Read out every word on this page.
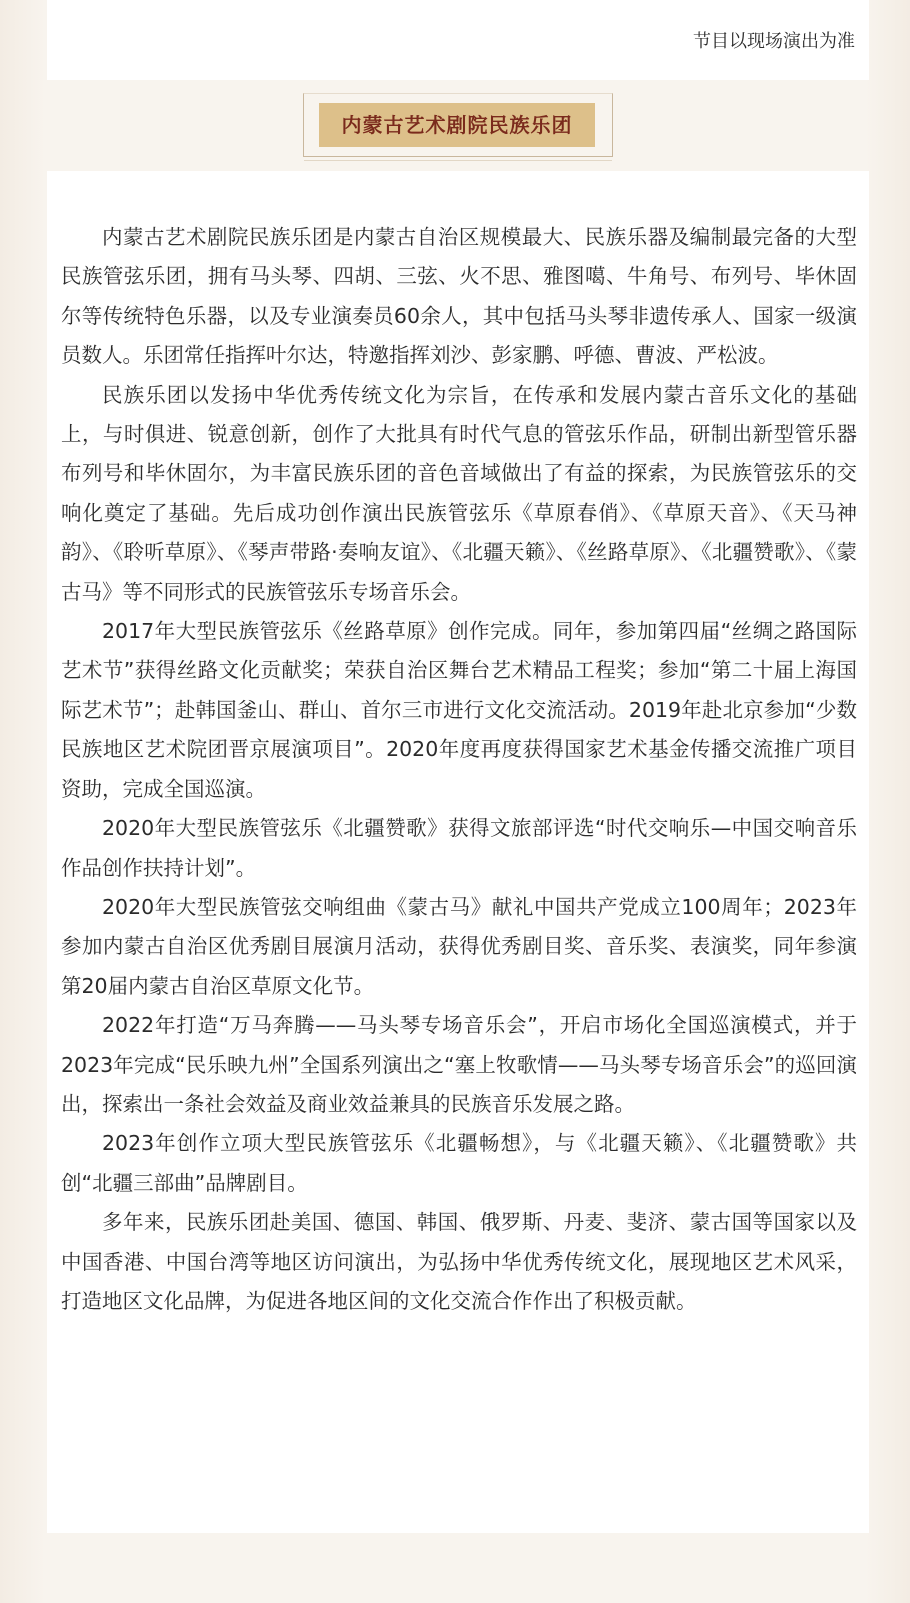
节目以现场演出为准
内蒙古艺术剧院民族乐团

内蒙古艺术剧院民族乐团是内蒙古自治区规模最大、民族乐器及编制最完备的大型民族管弦乐团，拥有马头琴、四胡、三弦、火不思、雅图噶、牛角号、布列号、毕休固尔等传统特色乐器，以及专业演奏员60余人，其中包括马头琴非遗传承人、国家一级演员数人。乐团常任指挥叶尔达，特邀指挥刘沙、彭家鹏、呼德、曹波、严松波。

民族乐团以发扬中华优秀传统文化为宗旨，在传承和发展内蒙古音乐文化的基础上，与时俱进、锐意创新，创作了大批具有时代气息的管弦乐作品，研制出新型管乐器布列号和毕休固尔，为丰富民族乐团的音色音域做出了有益的探索，为民族管弦乐的交响化奠定了基础。先后成功创作演出民族管弦乐《草原春俏》、《草原天音》、《天马神韵》、《聆听草原》、《琴声带路·奏响友谊》、《北疆天籁》、《丝路草原》、《北疆赞歌》、《蒙古马》等不同形式的民族管弦乐专场音乐会。

2017年大型民族管弦乐《丝路草原》创作完成。同年，参加第四届“丝绸之路国际艺术节”获得丝路文化贡献奖；荣获自治区舞台艺术精品工程奖；参加“第二十届上海国际艺术节”；赴韩国釜山、群山、首尔三市进行文化交流活动。2019年赴北京参加“少数民族地区艺术院团晋京展演项目”。2020年度再度获得国家艺术基金传播交流推广项目资助，完成全国巡演。

2020年大型民族管弦乐《北疆赞歌》获得文旅部评选“时代交响乐—中国交响音乐作品创作扶持计划”。

2020年大型民族管弦交响组曲《蒙古马》献礼中国共产党成立100周年；2023年参加内蒙古自治区优秀剧目展演月活动，获得优秀剧目奖、音乐奖、表演奖，同年参演第20届内蒙古自治区草原文化节。

2022年打造“万马奔腾——马头琴专场音乐会”，开启市场化全国巡演模式，并于2023年完成“民乐映九州”全国系列演出之“塞上牧歌情——马头琴专场音乐会”的巡回演出，探索出一条社会效益及商业效益兼具的民族音乐发展之路。

2023年创作立项大型民族管弦乐《北疆畅想》，与《北疆天籁》、《北疆赞歌》共创“北疆三部曲”品牌剧目。

多年来，民族乐团赴美国、德国、韩国、俄罗斯、丹麦、斐济、蒙古国等国家以及中国香港、中国台湾等地区访问演出，为弘扬中华优秀传统文化，展现地区艺术风采，打造地区文化品牌，为促进各地区间的文化交流合作作出了积极贡献。
